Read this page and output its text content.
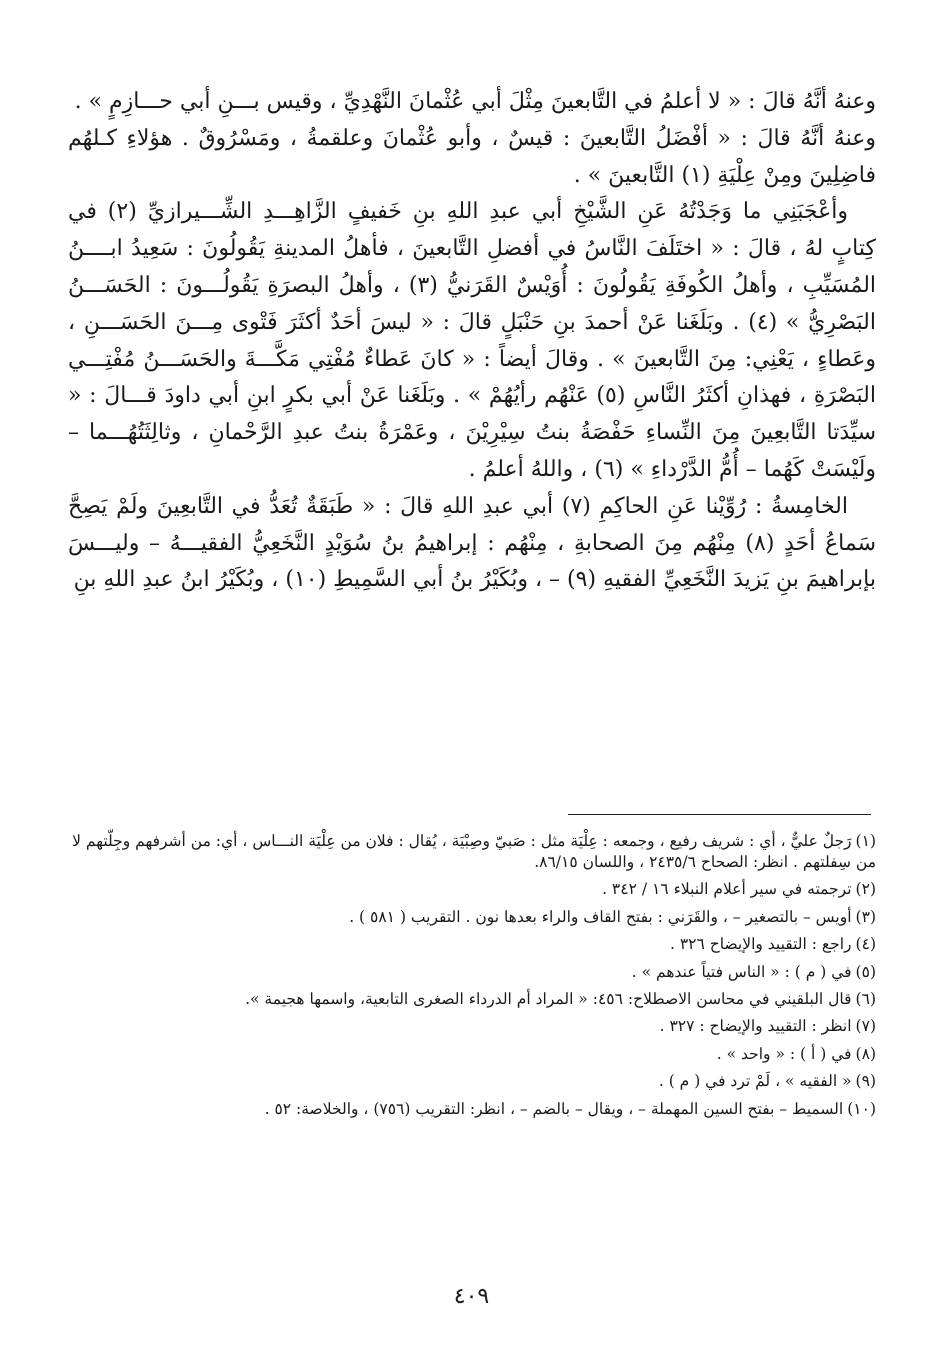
وعنهُ أنَّهُ قالَ : « لا أعلمُ في التَّابعينَ مِثْلَ أبي عُثْمانَ النَّهْدِيِّ ، وقيس بـــنِ أبي حـــازِمٍ » .

وعنهُ أنَّهُ قالَ : « أفْضَلُ التَّابعينَ : قيسٌ ، وأبو عُثْمانَ وعلقمةُ ، ومَسْرُوقٌ . هؤلاءِ كـلهُم فاضِلِينَ ومِنْ عِلْيَةِ (١) التَّابعينَ » .

وأعْجَبَنِي ما وَجَدْتُهُ عَنِ الشَّيْخِ أبي عبدِ اللهِ بنِ خَفيفٍ الزَّاهِـــدِ الشِّـــيرازيِّ (٢) في كِتابٍ لهُ ، قالَ : « اختَلَفَ النَّاسُ في أفضلِ التَّابعينَ ، فأهلُ المدينةِ يَقُولُونَ : سَعِيدُ ابــــنُ المُسَيِّبِ ، وأهلُ الكُوفَةِ يَقُولُونَ : أُوَيْسٌ القَرَنيُّ (٣) ، وأهلُ البصرَةِ يَقُولُـــونَ : الحَسَـــنُ البَصْرِيُّ » (٤) . وبَلَغَنا عَنْ أحمدَ بنِ حَنْبَلٍ قالَ : « ليسَ أحَدٌ أكثَرَ فَتْوى مِـــنَ الحَسَـــنِ ، وعَطاءٍ ، يَعْنِي: مِنَ التَّابعينَ » . وقالَ أيضاً : « كانَ عَطاءٌ مُفْتِي مَكَّـــةَ والحَسَـــنُ مُفْتِـــي البَصْرَةِ ، فهذانِ أكثَرُ النَّاسِ (٥) عَنْهُم رأيُهُمْ » . وبَلَغَنا عَنْ أبي بكرٍ ابنِ أبي داودَ قـــالَ : « سيِّدَتا التَّابعِينَ مِنَ النِّساءِ حَفْصَةُ بنتُ سِيْرِيْنَ ، وعَمْرَةُ بنتُ عبدِ الرَّحْمانِ ، وثالِثَتُهُـــما – ولَيْسَتْ كَهُما – أُمُّ الدَّرْداءِ » (٦) ، واللهُ أعلمُ .

الخامِسةُ : رُوِّيْنا عَنِ الحاكِمِ (٧) أبي عبدِ اللهِ قالَ : « طَبَقَةٌ تُعَدُّ في التَّابعِينَ ولَمْ يَصِحَّ سَماعُ أحَدٍ (٨) مِنْهُم مِنَ الصحابةِ ، مِنْهُم : إبراهيمُ بنُ سُوَيْدٍ النَّخَعِيُّ الفقيـــهُ – وليـــسَ بإبراهيمَ بنِ يَزيدَ النَّخَعِيِّ الفقيهِ (٩) – ، وبُكَيْرُ بنُ أبي السَّمِيطِ (١٠) ، وبُكَيْرُ ابنُ عبدِ اللهِ بنِ

(١)رَجلٌ عليٌّ ، أي : شريف رفيع ، وجمعه : عِلْيَة مثل : صَبيّ وصِبْيَة ، يُقال : فلان من عِلْيَة النـــاس ، أي: من أشرفهم وجِلّتهم لا من سِفلتهم . انظر: الصحاح ٢٤٣٥/٦ ، واللسان ٨٦/١٥.

(٢)ترجمته في سير أعلام النبلاء ١٦ / ٣٤٢ .

(٣)أويس – بالتصغير – ، والقَرَني : بفتح القاف والراء بعدها نون . التقريب ( ٥٨١ ) .

(٤)راجع : التقييد والإيضاح ٣٢٦ .

(٥)في ( م ) : « الناس فتياً عندهم » .

(٦)قال البلقيني في محاسن الاصطلاح: ٤٥٦: « المراد أم الدرداء الصغرى التابعية، واسمها هجيمة ».

(٧)انظر : التقييد والإيضاح : ٣٢٧ .

(٨)في ( أ ) : « واحد » .

(٩)« الفقيه » ، لَمْ ترد في ( م ) .

(١٠)السميط – بفتح السين المهملة – ، ويقال – بالضم – ، انظر: التقريب (٧٥٦) ، والخلاصة: ٥٢ .

٤٠٩
